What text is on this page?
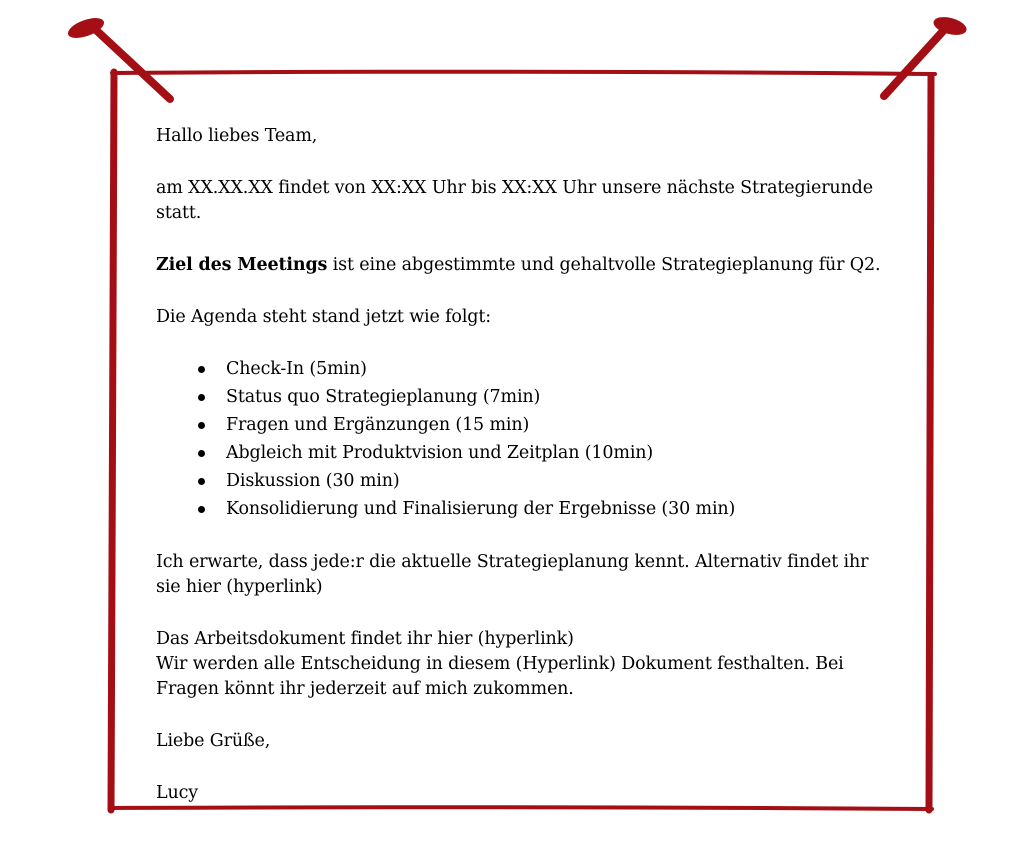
Hallo liebes Team,

am XX.XX.XX findet von XX:XX Uhr bis XX:XX Uhr unsere nächste Strategierunde statt.

Ziel des Meetings ist eine abgestimmte und gehaltvolle Strategieplanung für Q2.

Die Agenda steht stand jetzt wie folgt:

Check-In (5min)
Status quo Strategieplanung (7min)
Fragen und Ergänzungen (15 min)
Abgleich mit Produktvision und Zeitplan (10min)
Diskussion (30 min)
Konsolidierung und Finalisierung der Ergebnisse (30 min)

Ich erwarte, dass jede:r die aktuelle Strategieplanung kennt. Alternativ findet ihr sie hier (hyperlink)

Das Arbeitsdokument findet ihr hier (hyperlink)
Wir werden alle Entscheidung in diesem (Hyperlink) Dokument festhalten. Bei Fragen könnt ihr jederzeit auf mich zukommen.

Liebe Grüße,

Lucy
